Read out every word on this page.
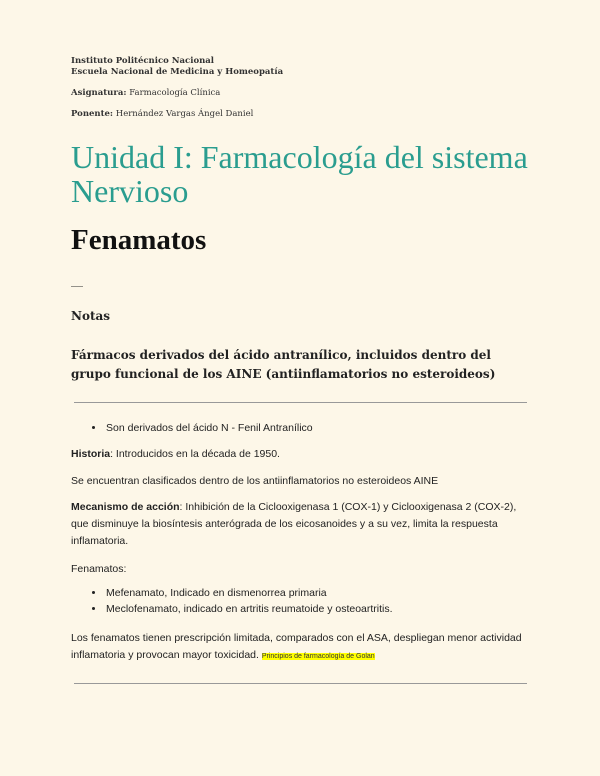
Instituto Politécnico Nacional
Escuela Nacional de Medicina y Homeopatía
Asignatura: Farmacología Clínica
Ponente: Hernández Vargas Ángel Daniel
Unidad I: Farmacología del sistema Nervioso
Fenamatos
__
Notas
Fármacos derivados del ácido antranílico, incluidos dentro del grupo funcional de los AINE (antiinflamatorios no esteroideos)
• Son derivados del ácido N - Fenil Antranílico
Historia: Introducidos en la década de 1950.
Se encuentran clasificados dentro de los antiinflamatorios no esteroideos AINE
Mecanismo de acción: Inhibición de la Ciclooxigenasa 1 (COX-1) y Ciclooxigenasa 2 (COX-2), que disminuye la biosíntesis anterógrada de los eicosanoides y a su vez, limita la respuesta inflamatoria.
Fenamatos:
• Mefenamato, Indicado en dismenorrea primaria
• Meclofenamato, indicado en artritis reumatoide y osteoartritis.
Los fenamatos tienen prescripción limitada, comparados con el ASA, despliegan menor actividad inflamatoria y provocan mayor toxicidad. Principios de farmacología de Golan
